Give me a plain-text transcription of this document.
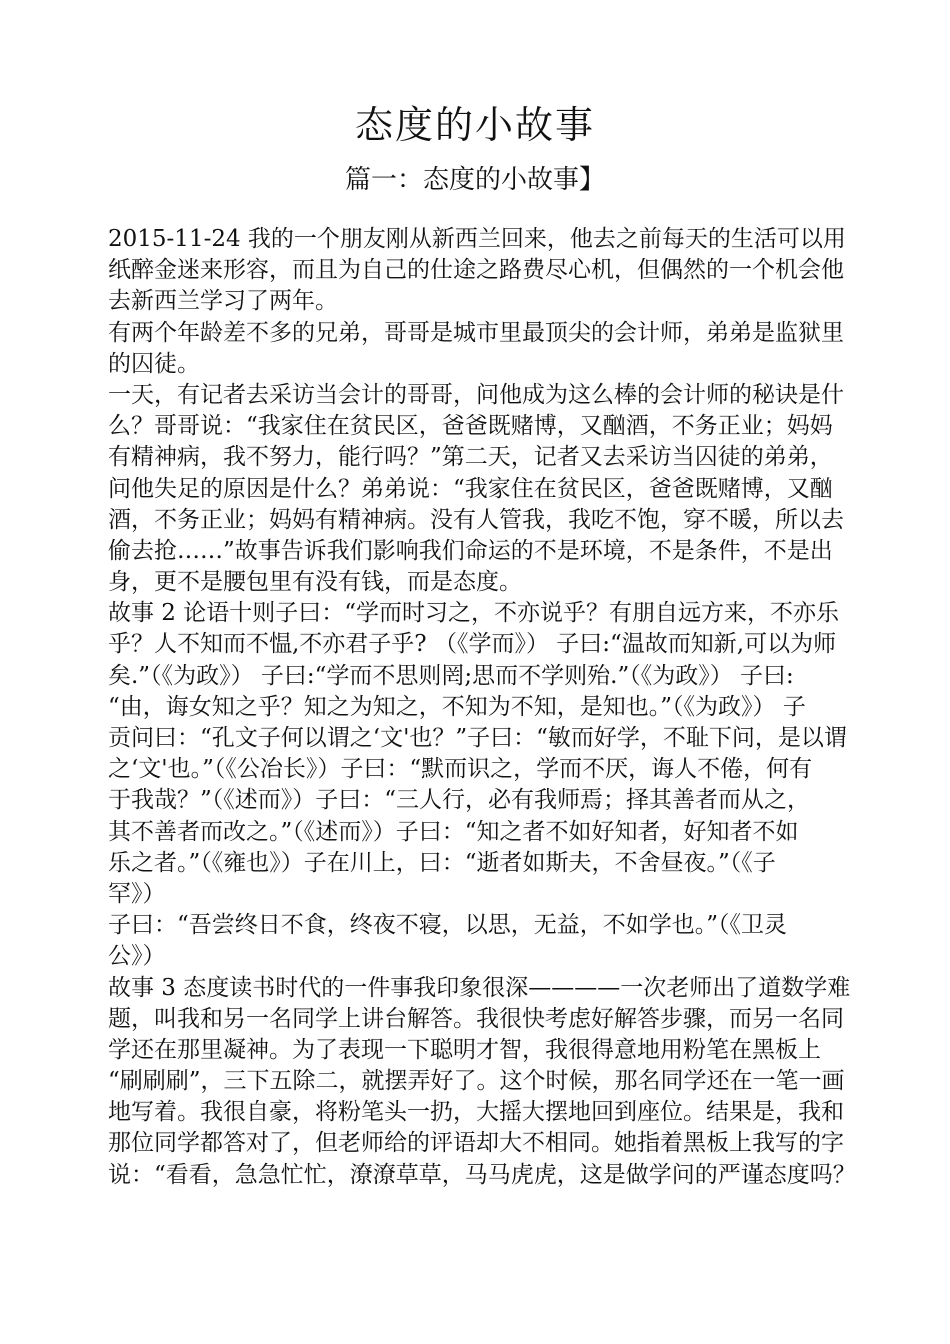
态度的小故事
篇一：态度的小故事】
2015-11-24 我的一个朋友刚从新西兰回来，他去之前每天的生活可以用
纸醉金迷来形容，而且为自己的仕途之路费尽心机，但偶然的一个机会他
去新西兰学习了两年。
有两个年龄差不多的兄弟，哥哥是城市里最顶尖的会计师，弟弟是监狱里
的囚徒。
一天，有记者去采访当会计的哥哥，问他成为这么棒的会计师的秘诀是什
么？哥哥说：“我家住在贫民区，爸爸既赌博，又酗酒，不务正业；妈妈
有精神病，我不努力，能行吗？”第二天，记者又去采访当囚徒的弟弟，
问他失足的原因是什么？弟弟说：“我家住在贫民区，爸爸既赌博，又酗
酒，不务正业；妈妈有精神病。没有人管我，我吃不饱，穿不暖，所以去
偷去抢……”故事告诉我们影响我们命运的不是环境，不是条件，不是出
身，更不是腰包里有没有钱，而是态度。
故事 2 论语十则子曰：“学而时习之，不亦说乎？有朋自远方来，不亦乐
乎？人不知而不愠,不亦君子乎? （《学而》） 子曰:“温故而知新,可以为师
矣.”（《为政》） 子曰:“学而不思则罔;思而不学则殆.”（《为政》） 子曰:
“由，诲女知之乎？知之为知之，不知为不知，是知也。”（《为政》） 子
贡问曰：“孔文子何以谓之‘文'也？”子曰：“敏而好学，不耻下问，是以谓
之‘文'也。”（《公冶长》）子曰：“默而识之，学而不厌，诲人不倦，何有
于我哉？”（《述而》）子曰：“三人行，必有我师焉；择其善者而从之，
其不善者而改之。”（《述而》）子曰：“知之者不如好知者，好知者不如
乐之者。”（《雍也》）子在川上，曰：“逝者如斯夫，不舍昼夜。”（《子
罕》）
子曰：“吾尝终日不食，终夜不寝，以思，无益，不如学也。”（《卫灵
公》）
故事 3 态度读书时代的一件事我印象很深————一次老师出了道数学难
题，叫我和另一名同学上讲台解答。我很快考虑好解答步骤，而另一名同
学还在那里凝神。为了表现一下聪明才智，我很得意地用粉笔在黑板上
“刷刷刷”，三下五除二，就摆弄好了。这个时候，那名同学还在一笔一画
地写着。我很自豪，将粉笔头一扔，大摇大摆地回到座位。结果是，我和
那位同学都答对了，但老师给的评语却大不相同。她指着黑板上我写的字
说：“看看，急急忙忙，潦潦草草，马马虎虎，这是做学问的严谨态度吗？
